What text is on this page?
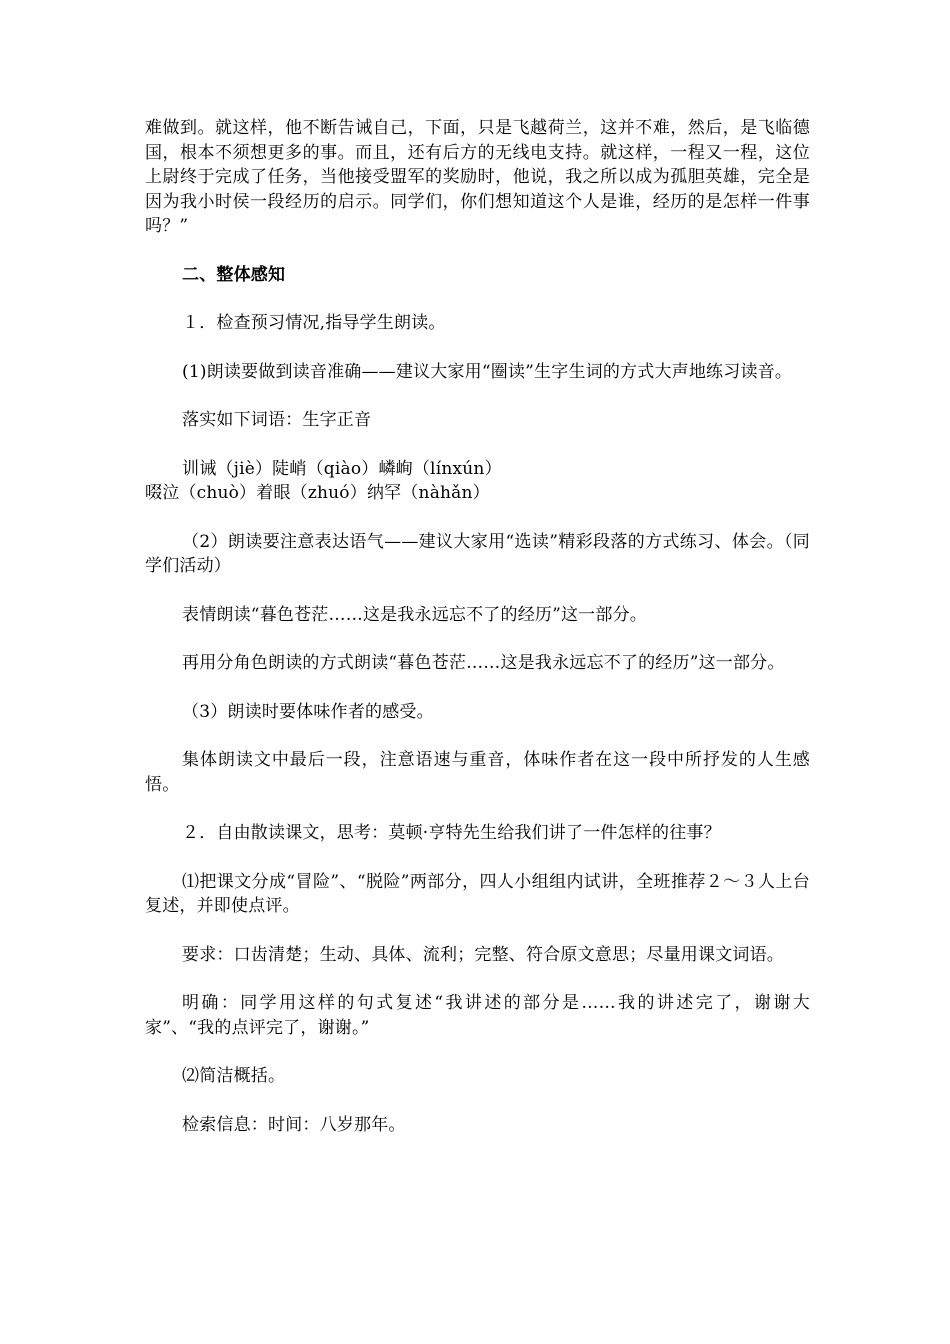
难做到。就这样，他不断告诫自己，下面，只是飞越荷兰，这并不难，然后，是飞临德国，根本不须想更多的事。而且，还有后方的无线电支持。就这样，一程又一程，这位上尉终于完成了任务，当他接受盟军的奖励时，他说，我之所以成为孤胆英雄，完全是因为我小时侯一段经历的启示。同学们，你们想知道这个人是谁，经历的是怎样一件事吗？”

二、整体感知

１．检查预习情况,指导学生朗读。

(1)朗读要做到读音准确——建议大家用“圈读”生字生词的方式大声地练习读音。

落实如下词语：生字正音

训诫（jiè）陡峭（qiào）嶙峋（línxún）
啜泣（chuò）着眼（zhuó）纳罕（nàhǎn）

（2）朗读要注意表达语气——建议大家用“选读”精彩段落的方式练习、体会。（同学们活动）

表情朗读“暮色苍茫……这是我永远忘不了的经历”这一部分。

再用分角色朗读的方式朗读“暮色苍茫……这是我永远忘不了的经历”这一部分。

（3）朗读时要体味作者的感受。

集体朗读文中最后一段，注意语速与重音，体味作者在这一段中所抒发的人生感悟。

２．自由散读课文，思考：莫顿·亨特先生给我们讲了一件怎样的往事？

⑴把课文分成“冒险”、“脱险”两部分，四人小组组内试讲，全班推荐２～３人上台复述，并即使点评。

要求：口齿清楚；生动、具体、流利；完整、符合原文意思；尽量用课文词语。

明确：同学用这样的句式复述“我讲述的部分是……我的讲述完了，谢谢大家”、“我的点评完了，谢谢。”

⑵简洁概括。

检索信息：时间：八岁那年。
